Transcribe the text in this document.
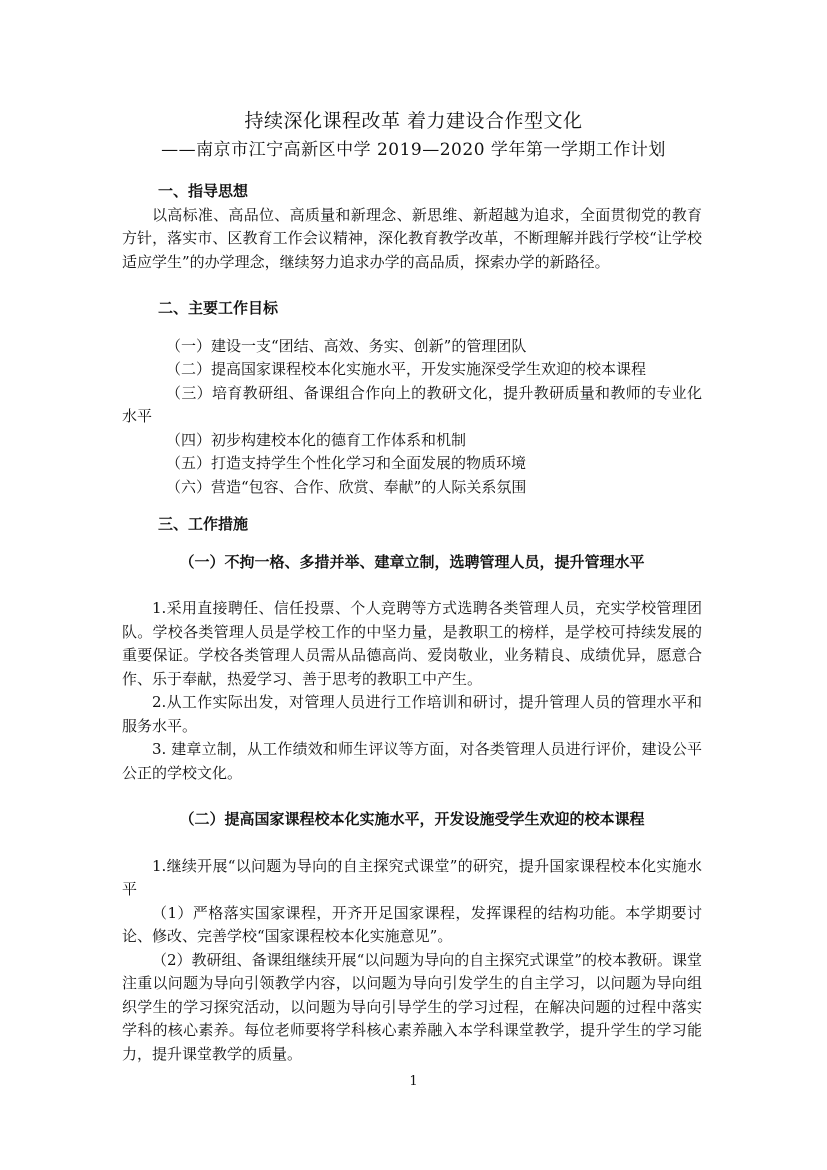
持续深化课程改革 着力建设合作型文化
——南京市江宁高新区中学 2019—2020 学年第一学期工作计划
一、指导思想

以高标准、高品位、高质量和新理念、新思维、新超越为追求，全面贯彻党的教育方针，落实市、区教育工作会议精神，深化教育教学改革，不断理解并践行学校“让学校适应学生”的办学理念，继续努力追求办学的高品质，探索办学的新路径。

二、主要工作目标

（一）建设一支“团结、高效、务实、创新”的管理团队

（二）提高国家课程校本化实施水平，开发实施深受学生欢迎的校本课程

（三）培育教研组、备课组合作向上的教研文化，提升教研质量和教师的专业化水平

（四）初步构建校本化的德育工作体系和机制

（五）打造支持学生个性化学习和全面发展的物质环境

（六）营造“包容、合作、欣赏、奉献”的人际关系氛围

三、工作措施
（一）不拘一格、多措并举、建章立制，选聘管理人员，提升管理水平

1.采用直接聘任、信任投票、个人竞聘等方式选聘各类管理人员，充实学校管理团队。学校各类管理人员是学校工作的中坚力量，是教职工的榜样，是学校可持续发展的重要保证。学校各类管理人员需从品德高尚、爱岗敬业，业务精良、成绩优异，愿意合作、乐于奉献，热爱学习、善于思考的教职工中产生。

2.从工作实际出发，对管理人员进行工作培训和研讨，提升管理人员的管理水平和服务水平。

3. 建章立制，从工作绩效和师生评议等方面，对各类管理人员进行评价，建设公平公正的学校文化。

（二）提高国家课程校本化实施水平，开发设施受学生欢迎的校本课程

1.继续开展“以问题为导向的自主探究式课堂”的研究，提升国家课程校本化实施水平

（1）严格落实国家课程，开齐开足国家课程，发挥课程的结构功能。本学期要讨论、修改、完善学校“国家课程校本化实施意见”。

（2）教研组、备课组继续开展“以问题为导向的自主探究式课堂”的校本教研。课堂注重以问题为导向引领教学内容，以问题为导向引发学生的自主学习，以问题为导向组织学生的学习探究活动，以问题为导向引导学生的学习过程，在解决问题的过程中落实学科的核心素养。每位老师要将学科核心素养融入本学科课堂教学，提升学生的学习能力，提升课堂教学的质量。

1
